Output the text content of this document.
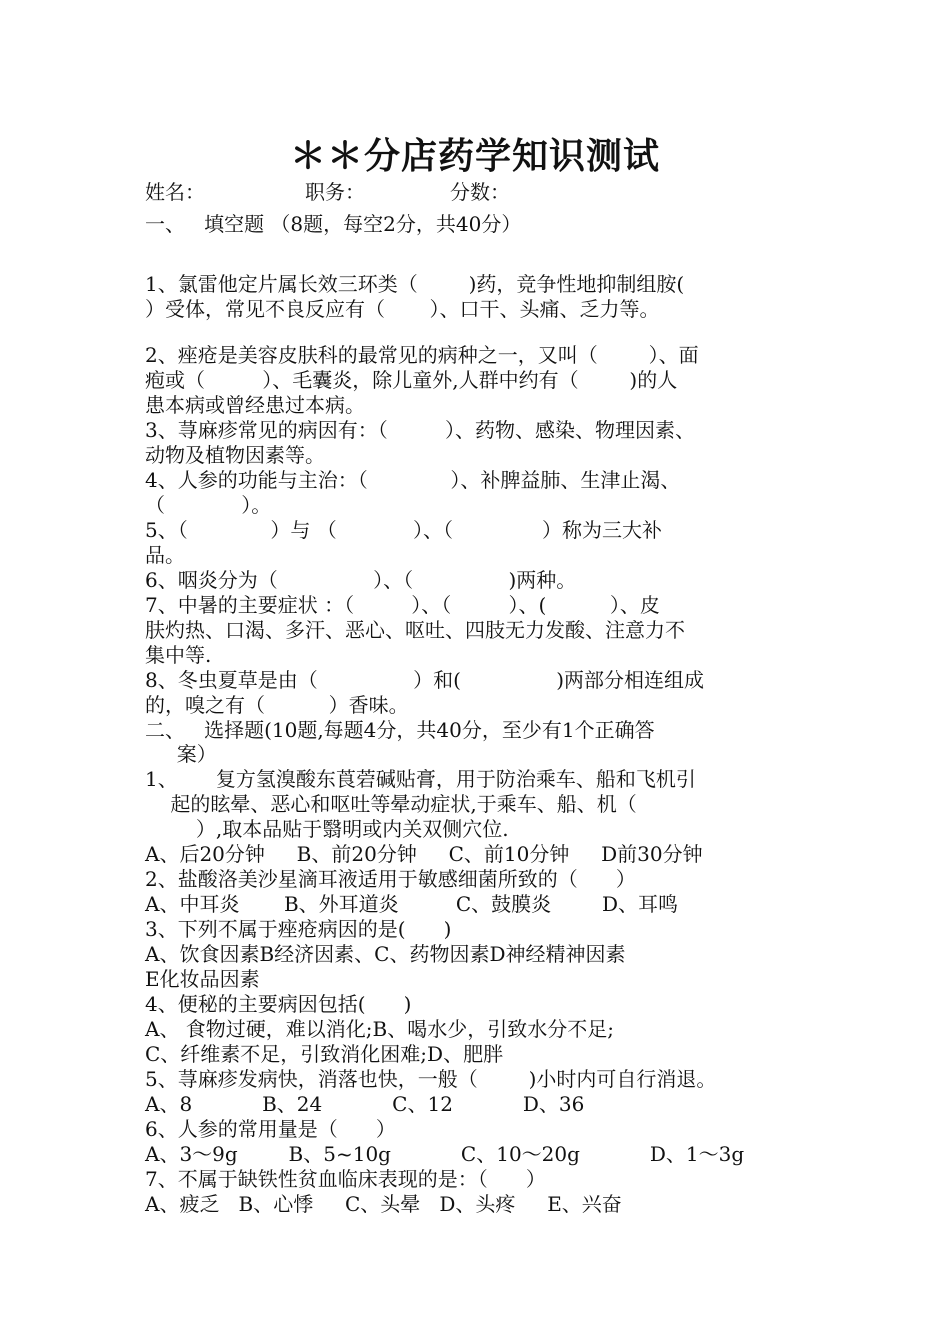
＊＊分店药学知识测试
姓名：	职务：	分数：
一、   填空题 （8题，每空2分，共40分）
1、氯雷他定片属长效三环类（        )药，竞争性地抑制组胺(
）受体，常见不良反应有（       ）、口干、头痛、乏力等。
2、痤疮是美容皮肤科的最常见的病种之一，又叫（        ）、面
疱或（         ）、毛囊炎，除儿童外,人群中约有（        )的人
患本病或曾经患过本病。
3、荨麻疹常见的病因有：（         ）、药物、感染、物理因素、
动物及植物因素等。
4、人参的功能与主治：（             ）、补脾益肺、生津止渴、
（            ）。
5、（             ）与 （            ）、（              ）称为三大补
品。
6、咽炎分为（               ）、（               )两种。
7、中暑的主要症状 ：（         ）、（         ）、(          ）、皮
肤灼热、口渴、多汗、恶心、呕吐、四肢无力发酸、注意力不
集中等.
8、冬虫夏草是由（               ）和(               )两部分相连组成
的，嗅之有（          ）香味。
二、   选择题(10题,每题4分，共40分，至少有1个正确答
案）
1、      复方氢溴酸东莨菪碱贴膏，用于防治乘车、船和飞机引
起的眩晕、恶心和呕吐等晕动症状,于乘车、船、机（
）,取本品贴于翳明或内关双侧穴位.
A、后20分钟     B、前20分钟     C、前10分钟     D前30分钟
2、盐酸洛美沙星滴耳液适用于敏感细菌所致的（      ）
A、中耳炎       B、外耳道炎         C、鼓膜炎        D、耳鸣
3、下列不属于痤疮病因的是(      )
A、饮食因素B经济因素、C、药物因素D神经精神因素
E化妆品因素
4、便秘的主要病因包括(      )
A、 食物过硬，难以消化;B、喝水少，引致水分不足;
C、纤维素不足，引致消化困难;D、肥胖
5、荨麻疹发病快，消落也快，一般（        )小时内可自行消退。
A、8           B、24           C、12           D、36
6、人参的常用量是（      ）
A、3～9g        B、5~10g           C、10～20g           D、1～3g
7、不属于缺铁性贫血临床表现的是：（      ）
A、疲乏   B、心悸     C、头晕   D、头疼     E、兴奋
